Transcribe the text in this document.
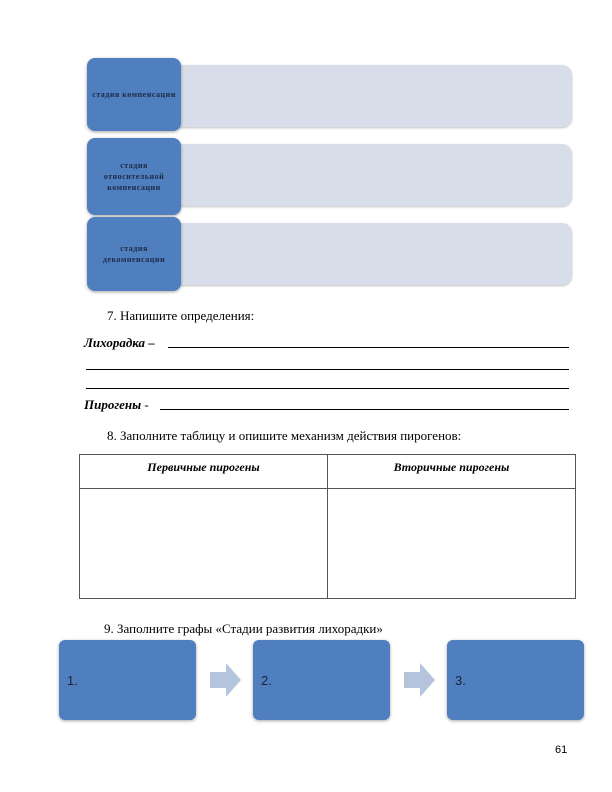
стадия компенсации
стадия относительной компенсации
стадия декомпенсации
7. Напишите определения:
Лихорадка –
Пирогены -
8. Заполните таблицу и опишите механизм действия пирогенов:
Первичные пирогены	Вторичные пирогены

9. Заполните графы «Стадии развития лихорадки»
1.	2.	3.
61
